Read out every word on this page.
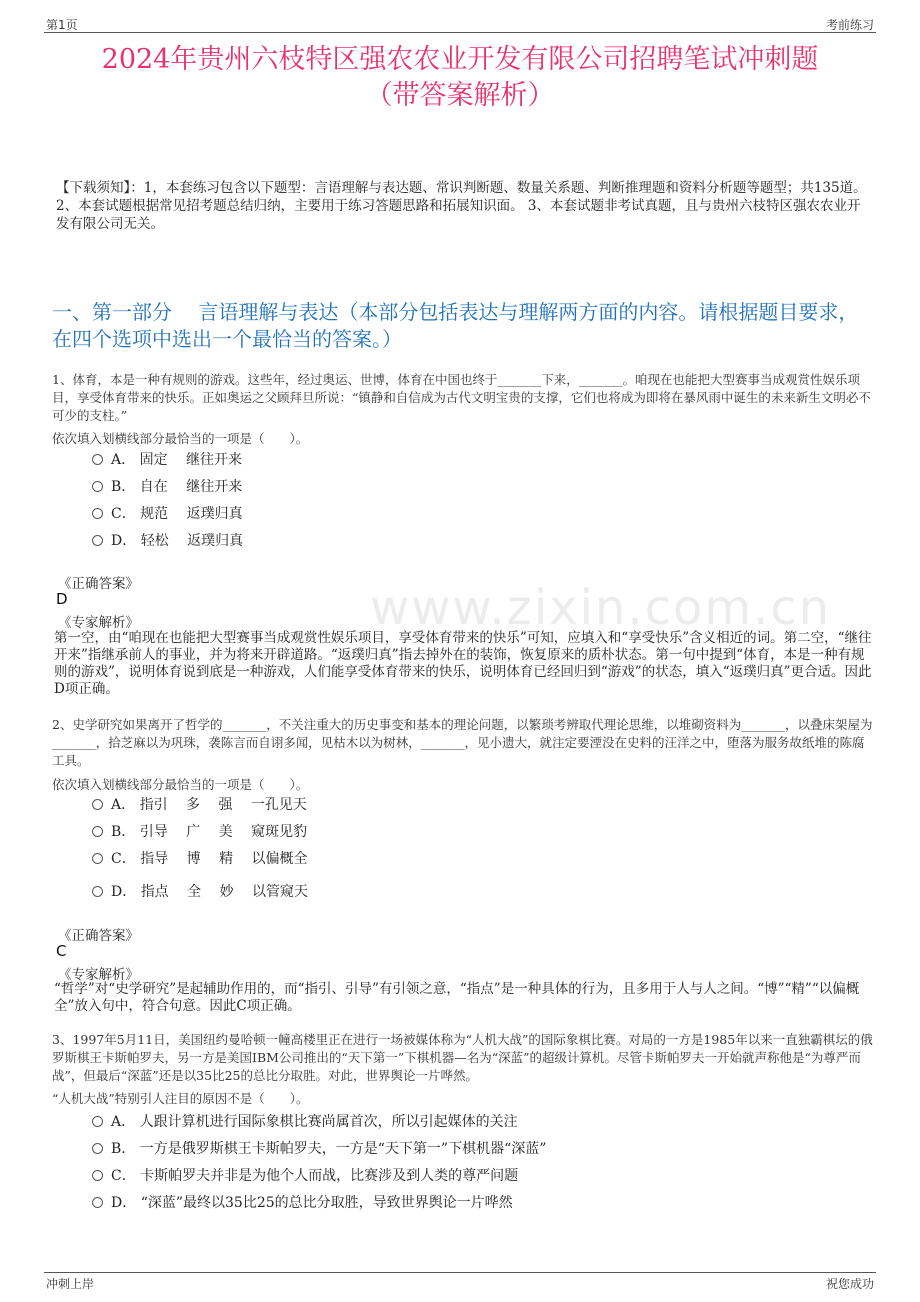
第1页	考前练习
www.zixin.com.cn
2024年贵州六枝特区强农农业开发有限公司招聘笔试冲刺题
（带答案解析）
【下载须知】：1，本套练习包含以下题型：言语理解与表达题、常识判断题、数量关系题、判断推理题和资料分析题等题型；共135道。 2、本套试题根据常见招考题总结归纳，主要用于练习答题思路和拓展知识面。 3、本套试题非考试真题，且与贵州六枝特区强农农业开发有限公司无关。
一、第一部分　 言语理解与表达（本部分包括表达与理解两方面的内容。请根据题目要求，在四个选项中选出一个最恰当的答案。）
1、体育，本是一种有规则的游戏。这些年，经过奥运、世博，体育在中国也终于_______下来，_______。咱现在也能把大型赛事当成观赏性娱乐项目，享受体育带来的快乐。正如奥运之父顾拜旦所说：“镇静和自信成为古代文明宝贵的支撑，它们也将成为即将在暴风雨中诞生的未来新生文明必不可少的支柱。”
依次填入划横线部分最恰当的一项是（　　）。
A． 固定　 继往开来
B． 自在　 继往开来
C． 规范　 返璞归真
D． 轻松　 返璞归真
《正确答案》
D
《专家解析》
第一空，由“咱现在也能把大型赛事当成观赏性娱乐项目，享受体育带来的快乐”可知，应填入和“享受快乐”含义相近的词。第二空，“继往开来”指继承前人的事业，并为将来开辟道路。“返璞归真”指去掉外在的装饰，恢复原来的质朴状态。第一句中提到“体育，本是一种有规则的游戏”，说明体育说到底是一种游戏，人们能享受体育带来的快乐，说明体育已经回归到“游戏”的状态，填入“返璞归真”更合适。因此D项正确。
2、史学研究如果离开了哲学的_______，不关注重大的历史事变和基本的理论问题，以繁琐考辨取代理论思维，以堆砌资料为_______，以叠床架屋为_______，拾芝麻以为巩珠，袭陈言而自诩多闻，见枯木以为树林，_______，见小遗大，就注定要湮没在史料的汪洋之中，堕落为服务故纸堆的陈腐工具。
依次填入划横线部分最恰当的一项是（　　）。
A． 指引　 多　 强　 一孔见天
B． 引导　 广　 美　 窥斑见豹
C． 指导　 博　 精　 以偏概全
D． 指点　 全　 妙　 以管窥天
《正确答案》
C
《专家解析》
“哲学”对“史学研究”是起辅助作用的，而“指引、引导”有引领之意，“指点”是一种具体的行为，且多用于人与人之间。“博”“精”“以偏概全”放入句中，符合句意。因此C项正确。
3、1997年5月11日，美国纽约曼哈顿一幢高楼里正在进行一场被媒体称为“人机大战”的国际象棋比赛。对局的一方是1985年以来一直独霸棋坛的俄罗斯棋王卡斯帕罗夫，另一方是美国IBM公司推出的“天下第一”下棋机器—名为“深蓝”的超级计算机。尽管卡斯帕罗夫一开始就声称他是“为尊严而战”，但最后“深蓝”还是以35比25的总比分取胜。对此，世界舆论一片哗然。
“人机大战”特别引人注目的原因不是（　　）。
A． 人跟计算机进行国际象棋比赛尚属首次，所以引起媒体的关注
B． 一方是俄罗斯棋王卡斯帕罗夫，一方是“天下第一”下棋机器“深蓝”
C． 卡斯帕罗夫并非是为他个人而战，比赛涉及到人类的尊严问题
D． “深蓝”最终以35比25的总比分取胜，导致世界舆论一片哗然
冲刺上岸	祝您成功
